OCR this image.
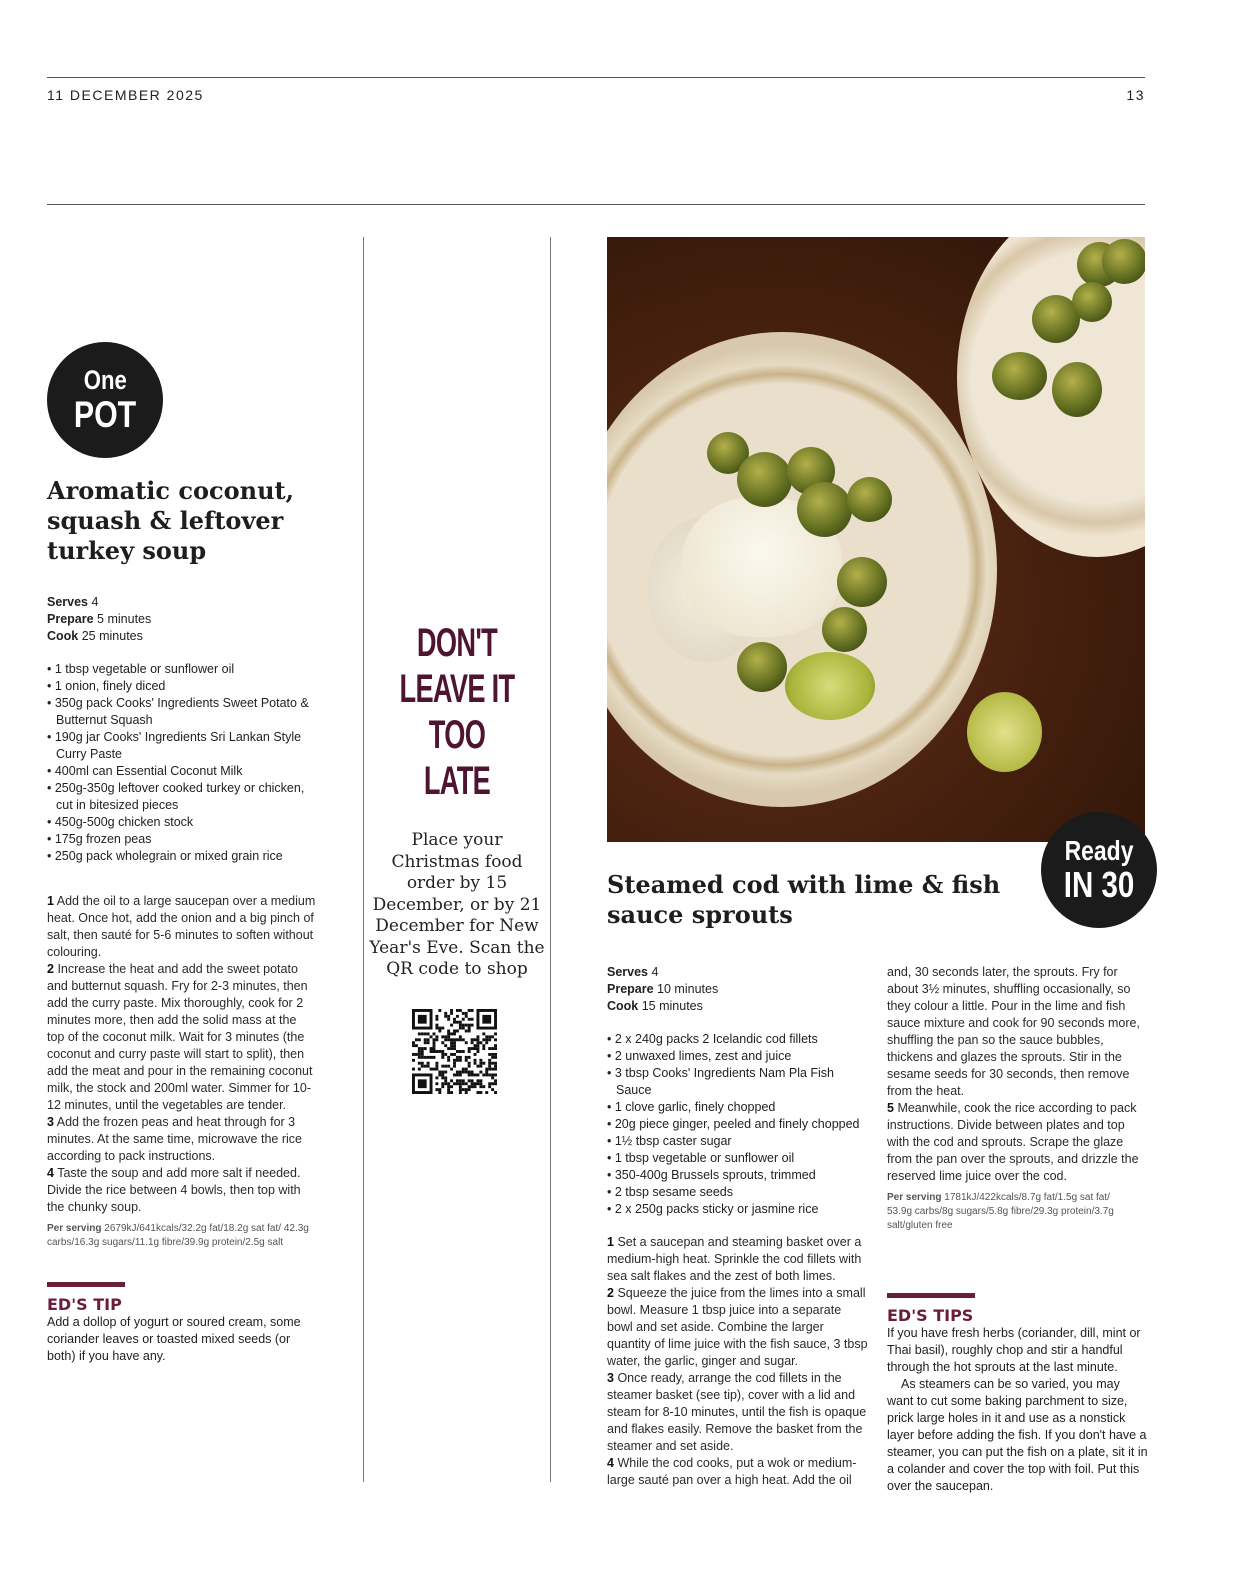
11 DECEMBER 2025	13
One
POT
Aromatic coconut, squash & leftover turkey soup
Serves 4
Prepare 5 minutes
Cook 25 minutes
• 1 tbsp vegetable or sunflower oil
• 1 onion, finely diced
• 350g pack Cooks' Ingredients Sweet Potato & Butternut Squash
• 190g jar Cooks' Ingredients Sri Lankan Style Curry Paste
• 400ml can Essential Coconut Milk
• 250g-350g leftover cooked turkey or chicken, cut in bitesized pieces
• 450g-500g chicken stock
• 175g frozen peas
• 250g pack wholegrain or mixed grain rice
1 Add the oil to a large saucepan over a medium heat. Once hot, add the onion and a big pinch of salt, then sauté for 5-6 minutes to soften without colouring.
2 Increase the heat and add the sweet potato and butternut squash. Fry for 2-3 minutes, then add the curry paste. Mix thoroughly, cook for 2 minutes more, then add the solid mass at the top of the coconut milk. Wait for 3 minutes (the coconut and curry paste will start to split), then add the meat and pour in the remaining coconut milk, the stock and 200ml water. Simmer for 10-12 minutes, until the vegetables are tender.
3 Add the frozen peas and heat through for 3 minutes. At the same time, microwave the rice according to pack instructions.
4 Taste the soup and add more salt if needed. Divide the rice between 4 bowls, then top with the chunky soup.
Per serving 2679kJ/641kcals/32.2g fat/18.2g sat fat/ 42.3g carbs/16.3g sugars/11.1g fibre/39.9g protein/2.5g salt
ED'S TIP
Add a dollop of yogurt or soured cream, some coriander leaves or toasted mixed seeds (or both) if you have any.
DON'T
LEAVE IT
TOO LATE
Place your Christmas food order by 15 December, or by 21 December for New Year's Eve. Scan the QR code to shop
Ready
IN 30
Steamed cod with lime & fish sauce sprouts
Serves 4
Prepare 10 minutes
Cook 15 minutes
• 2 x 240g packs 2 Icelandic cod fillets
• 2 unwaxed limes, zest and juice
• 3 tbsp Cooks' Ingredients Nam Pla Fish Sauce
• 1 clove garlic, finely chopped
• 20g piece ginger, peeled and finely chopped
• 1½ tbsp caster sugar
• 1 tbsp vegetable or sunflower oil
• 350-400g Brussels sprouts, trimmed
• 2 tbsp sesame seeds
• 2 x 250g packs sticky or jasmine rice
1 Set a saucepan and steaming basket over a medium-high heat. Sprinkle the cod fillets with sea salt flakes and the zest of both limes.
2 Squeeze the juice from the limes into a small bowl. Measure 1 tbsp juice into a separate bowl and set aside. Combine the larger quantity of lime juice with the fish sauce, 3 tbsp water, the garlic, ginger and sugar.
3 Once ready, arrange the cod fillets in the steamer basket (see tip), cover with a lid and steam for 8-10 minutes, until the fish is opaque and flakes easily. Remove the basket from the steamer and set aside.
4 While the cod cooks, put a wok or medium-large sauté pan over a high heat. Add the oil
and, 30 seconds later, the sprouts. Fry for about 3½ minutes, shuffling occasionally, so they colour a little. Pour in the lime and fish sauce mixture and cook for 90 seconds more, shuffling the pan so the sauce bubbles, thickens and glazes the sprouts. Stir in the sesame seeds for 30 seconds, then remove from the heat.
5 Meanwhile, cook the rice according to pack instructions. Divide between plates and top with the cod and sprouts. Scrape the glaze from the pan over the sprouts, and drizzle the reserved lime juice over the cod.
Per serving 1781kJ/422kcals/8.7g fat/1.5g sat fat/ 53.9g carbs/8g sugars/5.8g fibre/29.3g protein/3.7g salt/gluten free
ED'S TIPS
If you have fresh herbs (coriander, dill, mint or Thai basil), roughly chop and stir a handful through the hot sprouts at the last minute.
As steamers can be so varied, you may want to cut some baking parchment to size, prick large holes in it and use as a nonstick layer before adding the fish. If you don't have a steamer, you can put the fish on a plate, sit it in a colander and cover the top with foil. Put this over the saucepan.
